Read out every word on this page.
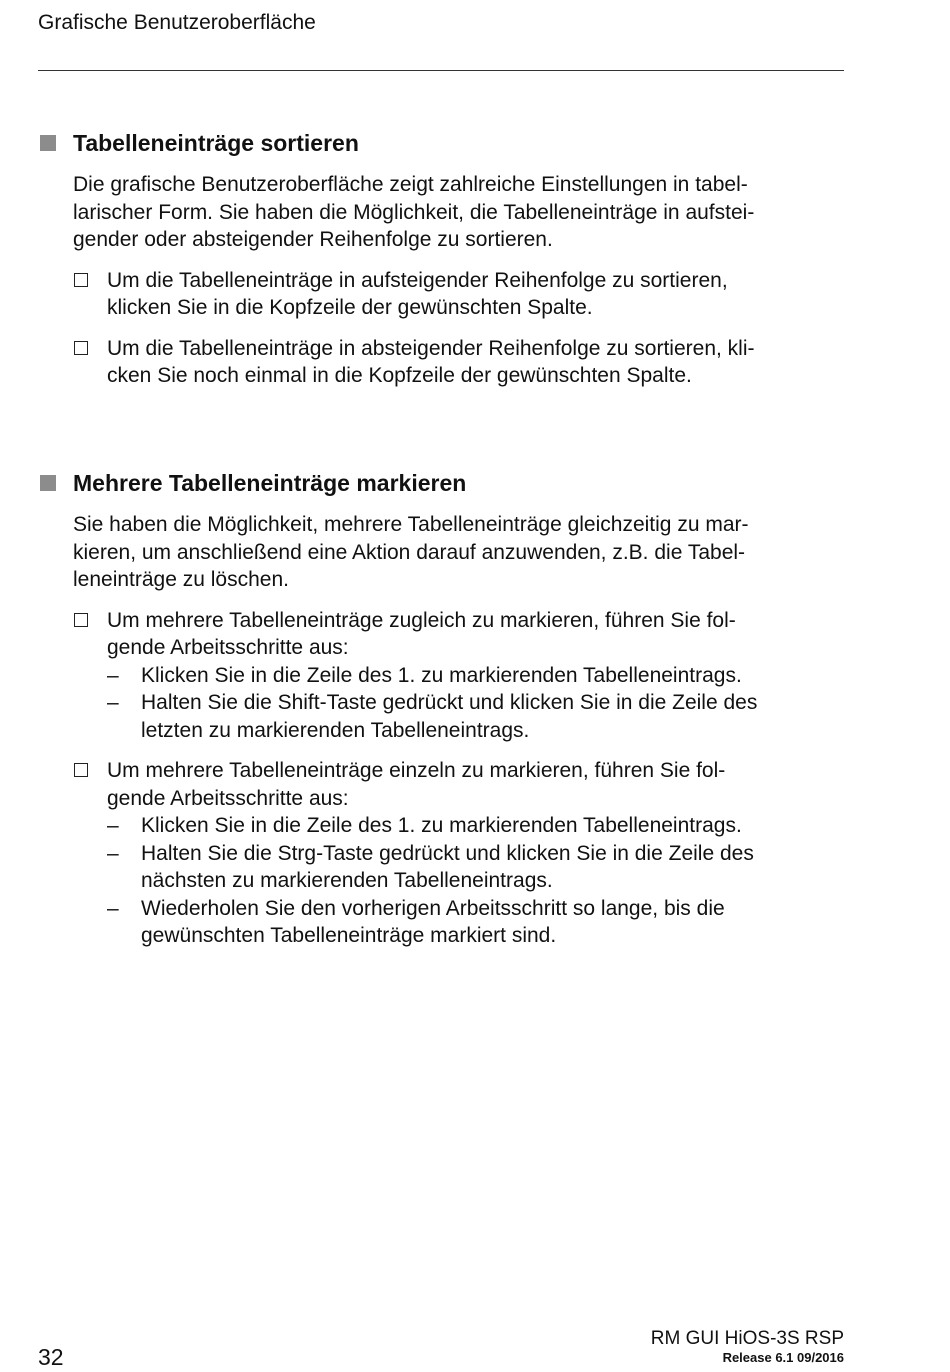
Grafische Benutzeroberfläche
Tabelleneinträge sortieren
Die grafische Benutzeroberfläche zeigt zahlreiche Einstellungen in tabel-
larischer Form. Sie haben die Möglichkeit, die Tabelleneinträge in aufstei-
gender oder absteigender Reihenfolge zu sortieren.
Um die Tabelleneinträge in aufsteigender Reihenfolge zu sortieren,
klicken Sie in die Kopfzeile der gewünschten Spalte.
Um die Tabelleneinträge in absteigender Reihenfolge zu sortieren, kli-
cken Sie noch einmal in die Kopfzeile der gewünschten Spalte.
Mehrere Tabelleneinträge markieren
Sie haben die Möglichkeit, mehrere Tabelleneinträge gleichzeitig zu mar-
kieren, um anschließend eine Aktion darauf anzuwenden, z.B. die Tabel-
leneinträge zu löschen.
Um mehrere Tabelleneinträge zugleich zu markieren, führen Sie fol-
gende Arbeitsschritte aus:
– Klicken Sie in die Zeile des 1. zu markierenden Tabelleneintrags.
– Halten Sie die Shift-Taste gedrückt und klicken Sie in die Zeile des
letzten zu markierenden Tabelleneintrags.
Um mehrere Tabelleneinträge einzeln zu markieren, führen Sie fol-
gende Arbeitsschritte aus:
– Klicken Sie in die Zeile des 1. zu markierenden Tabelleneintrags.
– Halten Sie die Strg-Taste gedrückt und klicken Sie in die Zeile des
nächsten zu markierenden Tabelleneintrags.
– Wiederholen Sie den vorherigen Arbeitsschritt so lange, bis die
gewünschten Tabelleneinträge markiert sind.
32
RM GUI HiOS-3S RSP
Release 6.1 09/2016
